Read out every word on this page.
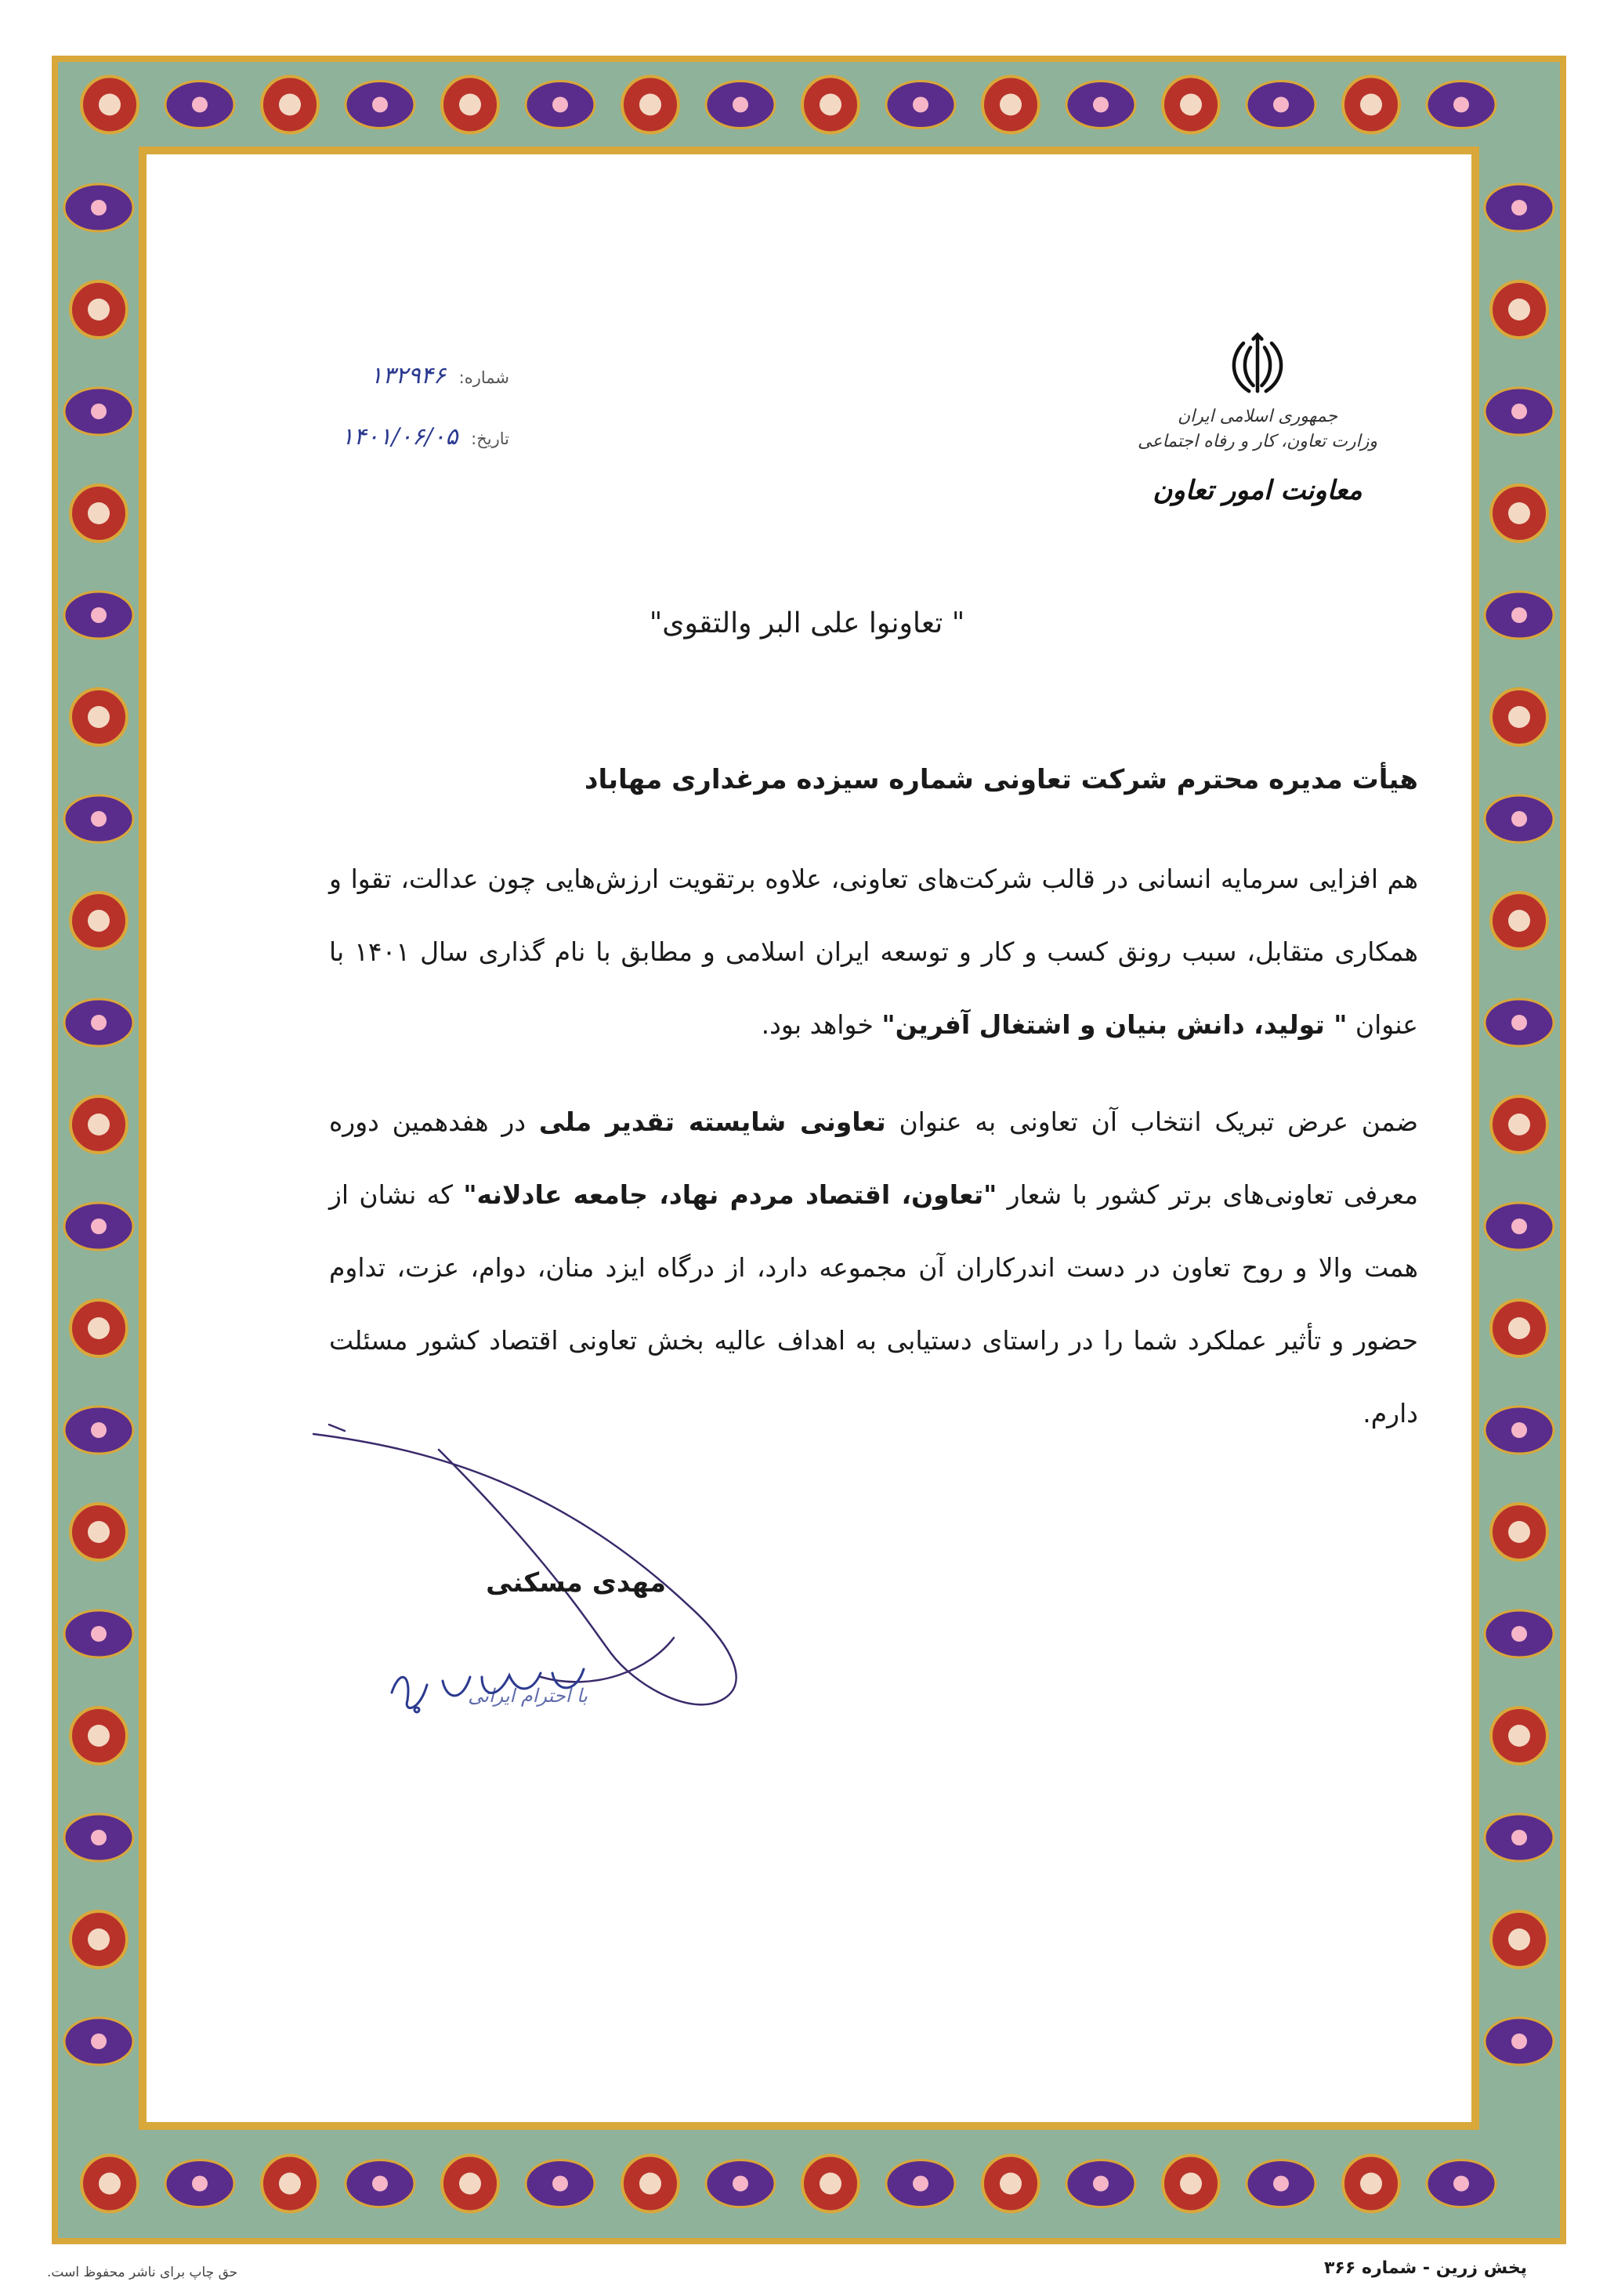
جمهوری اسلامی ایران
وزارت تعاون، کار و رفاه اجتماعی
معاونت امور تعاون
شماره: ۱۳۲۹۴۶
تاریخ: ۱۴۰۱/۰۶/۰۵
" تعاونوا علی البر والتقوی"
هیأت مدیره محترم شرکت تعاونی شماره سیزده مرغداری مهاباد
هم افزایی سرمایه انسانی در قالب شرکت‌های تعاونی، علاوه برتقویت ارزش‌هایی چون عدالت، تقوا و همکاری متقابل، سبب رونق کسب و کار و توسعه ایران اسلامی و مطابق با نام گذاری سال ۱۴۰۱ با عنوان " تولید، دانش بنیان و اشتغال آفرین" خواهد بود.
ضمن عرض تبریک انتخاب آن تعاونی به عنوان تعاونی شایسته تقدیر ملی در هفدهمین دوره معرفی تعاونی‌های برتر کشور با شعار "تعاون، اقتصاد مردم نهاد، جامعه عادلانه" که نشان از همت والا و روح تعاون در دست اندرکاران آن مجموعه دارد، از درگاه ایزد منان، دوام، عزت، تداوم حضور و تأثیر عملکرد شما را در راستای دستیابی به اهداف عالیه بخش تعاونی اقتصاد کشور مسئلت دارم.
مهدی مسکنی
با احترام ایرانی
حق چاپ برای ناشر محفوظ است.	پخش زرین - شماره ۳۶۶
